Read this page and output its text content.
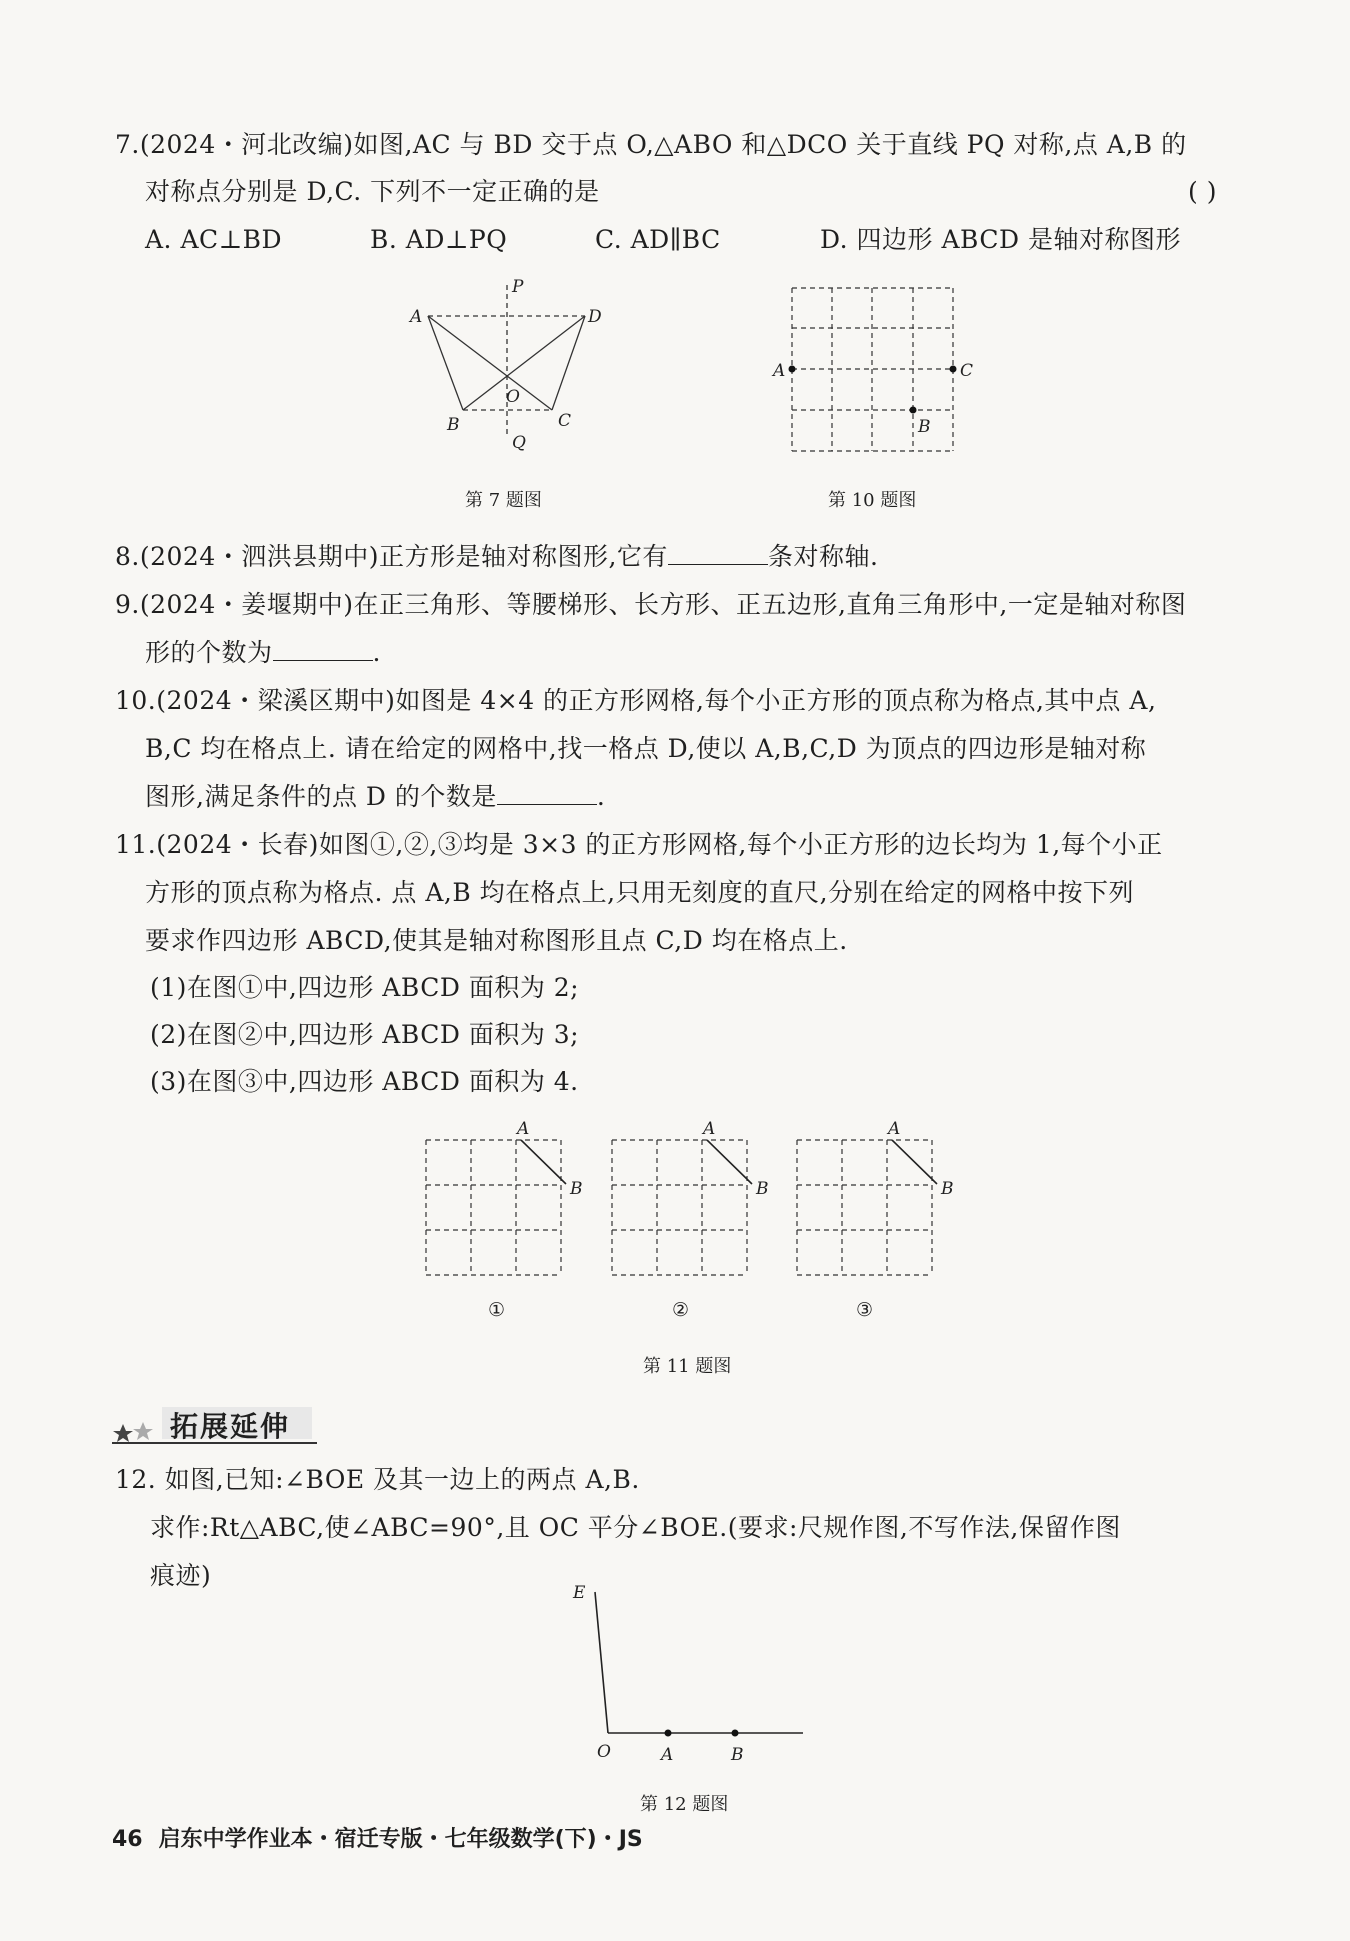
7.(2024・河北改编)如图,AC 与 BD 交于点 O,△ABO 和△DCO 关于直线 PQ 对称,点 A,B 的
对称点分别是 D,C. 下列不一定正确的是	( )
A. AC⊥BD	B. AD⊥PQ	C. AD∥BC	D. 四边形 ABCD 是轴对称图形
P
A	D
O
B	C
Q
第 7 题图
A	C
B
第 10 题图
8.(2024・泗洪县期中)正方形是轴对称图形,它有	条对称轴.
9.(2024・姜堰期中)在正三角形、等腰梯形、长方形、正五边形,直角三角形中,一定是轴对称图
形的个数为	.
10.(2024・梁溪区期中)如图是 4×4 的正方形网格,每个小正方形的顶点称为格点,其中点 A,
B,C 均在格点上. 请在给定的网格中,找一格点 D,使以 A,B,C,D 为顶点的四边形是轴对称
图形,满足条件的点 D 的个数是	.
11.(2024・长春)如图①,②,③均是 3×3 的正方形网格,每个小正方形的边长均为 1,每个小正
方形的顶点称为格点. 点 A,B 均在格点上,只用无刻度的直尺,分别在给定的网格中按下列
要求作四边形 ABCD,使其是轴对称图形且点 C,D 均在格点上.
(1)在图①中,四边形 ABCD 面积为 2;
(2)在图②中,四边形 ABCD 面积为 3;
(3)在图③中,四边形 ABCD 面积为 4.
A
B
A
B
A
B
①	②	③
第 11 题图
拓展延伸
12. 如图,已知:∠BOE 及其一边上的两点 A,B.
求作:Rt△ABC,使∠ABC=90°,且 OC 平分∠BOE.(要求:尺规作图,不写作法,保留作图
痕迹)
E
O	A	B
第 12 题图
46 启东中学作业本・宿迁专版・七年级数学(下)・JS
